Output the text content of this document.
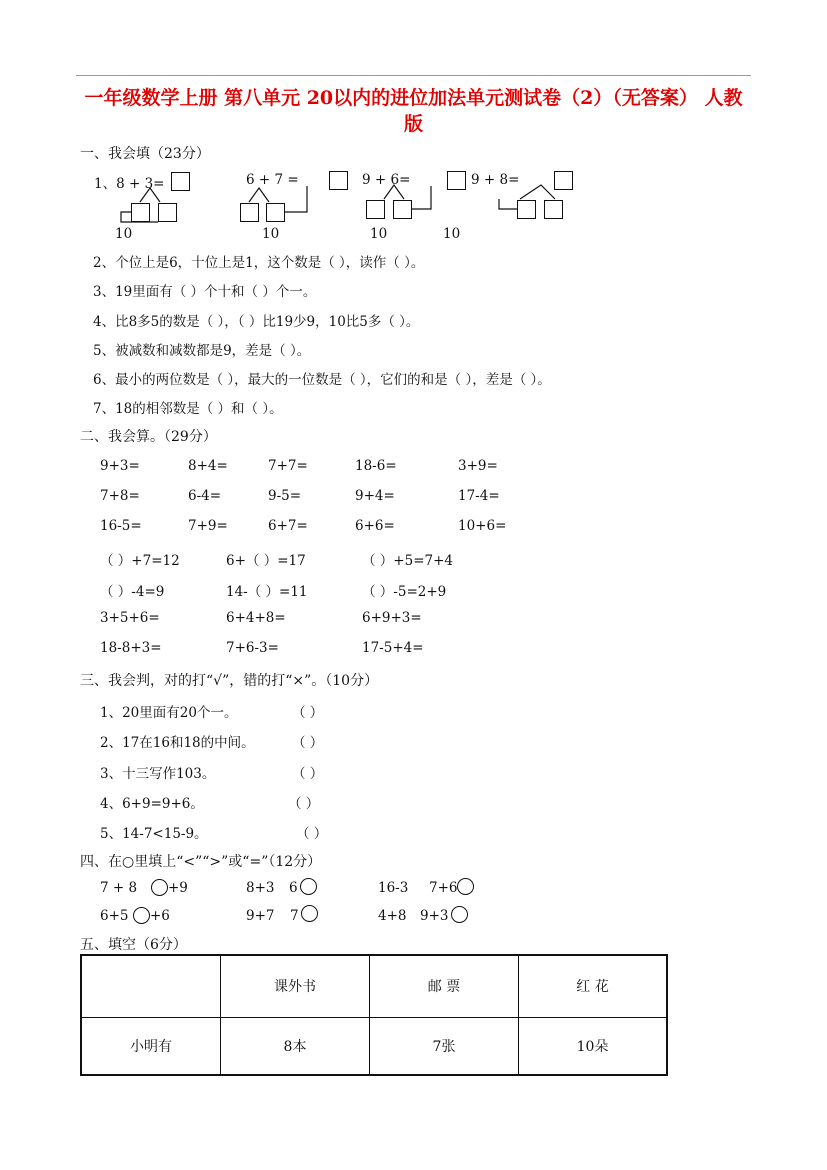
一年级数学上册 第八单元 20以内的进位加法单元测试卷（2）（无答案） 人教
版
一、我会填（23分）
1、8 + 3=
10
6 + 7 =
10
9 + 6=
10
9 + 8=
10
2、个位上是6，十位上是1，这个数是（ ），读作（ ）。
3、19里面有（ ）个十和（ ）个一。
4、比8多5的数是（ ），（ ）比19少9，10比5多（ ）。
5、被减数和减数都是9，差是（ ）。
6、最小的两位数是（ ），最大的一位数是（ ），它们的和是（ ），差是（ ）。
7、18的相邻数是（ ）和（ ）。
二、我会算。（29分）
9+3=	8+4=	7+7=	18-6=	3+9=
7+8=	6-4=	9-5=	9+4=	17-4=
16-5=	7+9=	6+7=	6+6=	10+6=
（ ）+7=12	6+（ ）=17	（ ）+5=7+4
（ ）-4=9	14-（ ）=11	（ ）-5=2+9
3+5+6=	6+4+8=	6+9+3=
18-8+3=	7+6-3=	17-5+4=
三、我会判，对的打“√”，错的打“×”。（10分）
1、20里面有20个一。	（ ）
2、17在16和18的中间。	（ ）
3、十三写作103。	（ ）
4、6+9=9+6。	（ ）
5、14-7<15-9。	（ ）
四、在○里填上“<”“>”或“=”（12分）
7 + 8 +9	8+3 6	16-3 7+6
6+5 +6	9+7 7	4+8 9+3
五、填空（6分）
	课外书	邮 票	红 花
小明有	8本	7张	10朵
